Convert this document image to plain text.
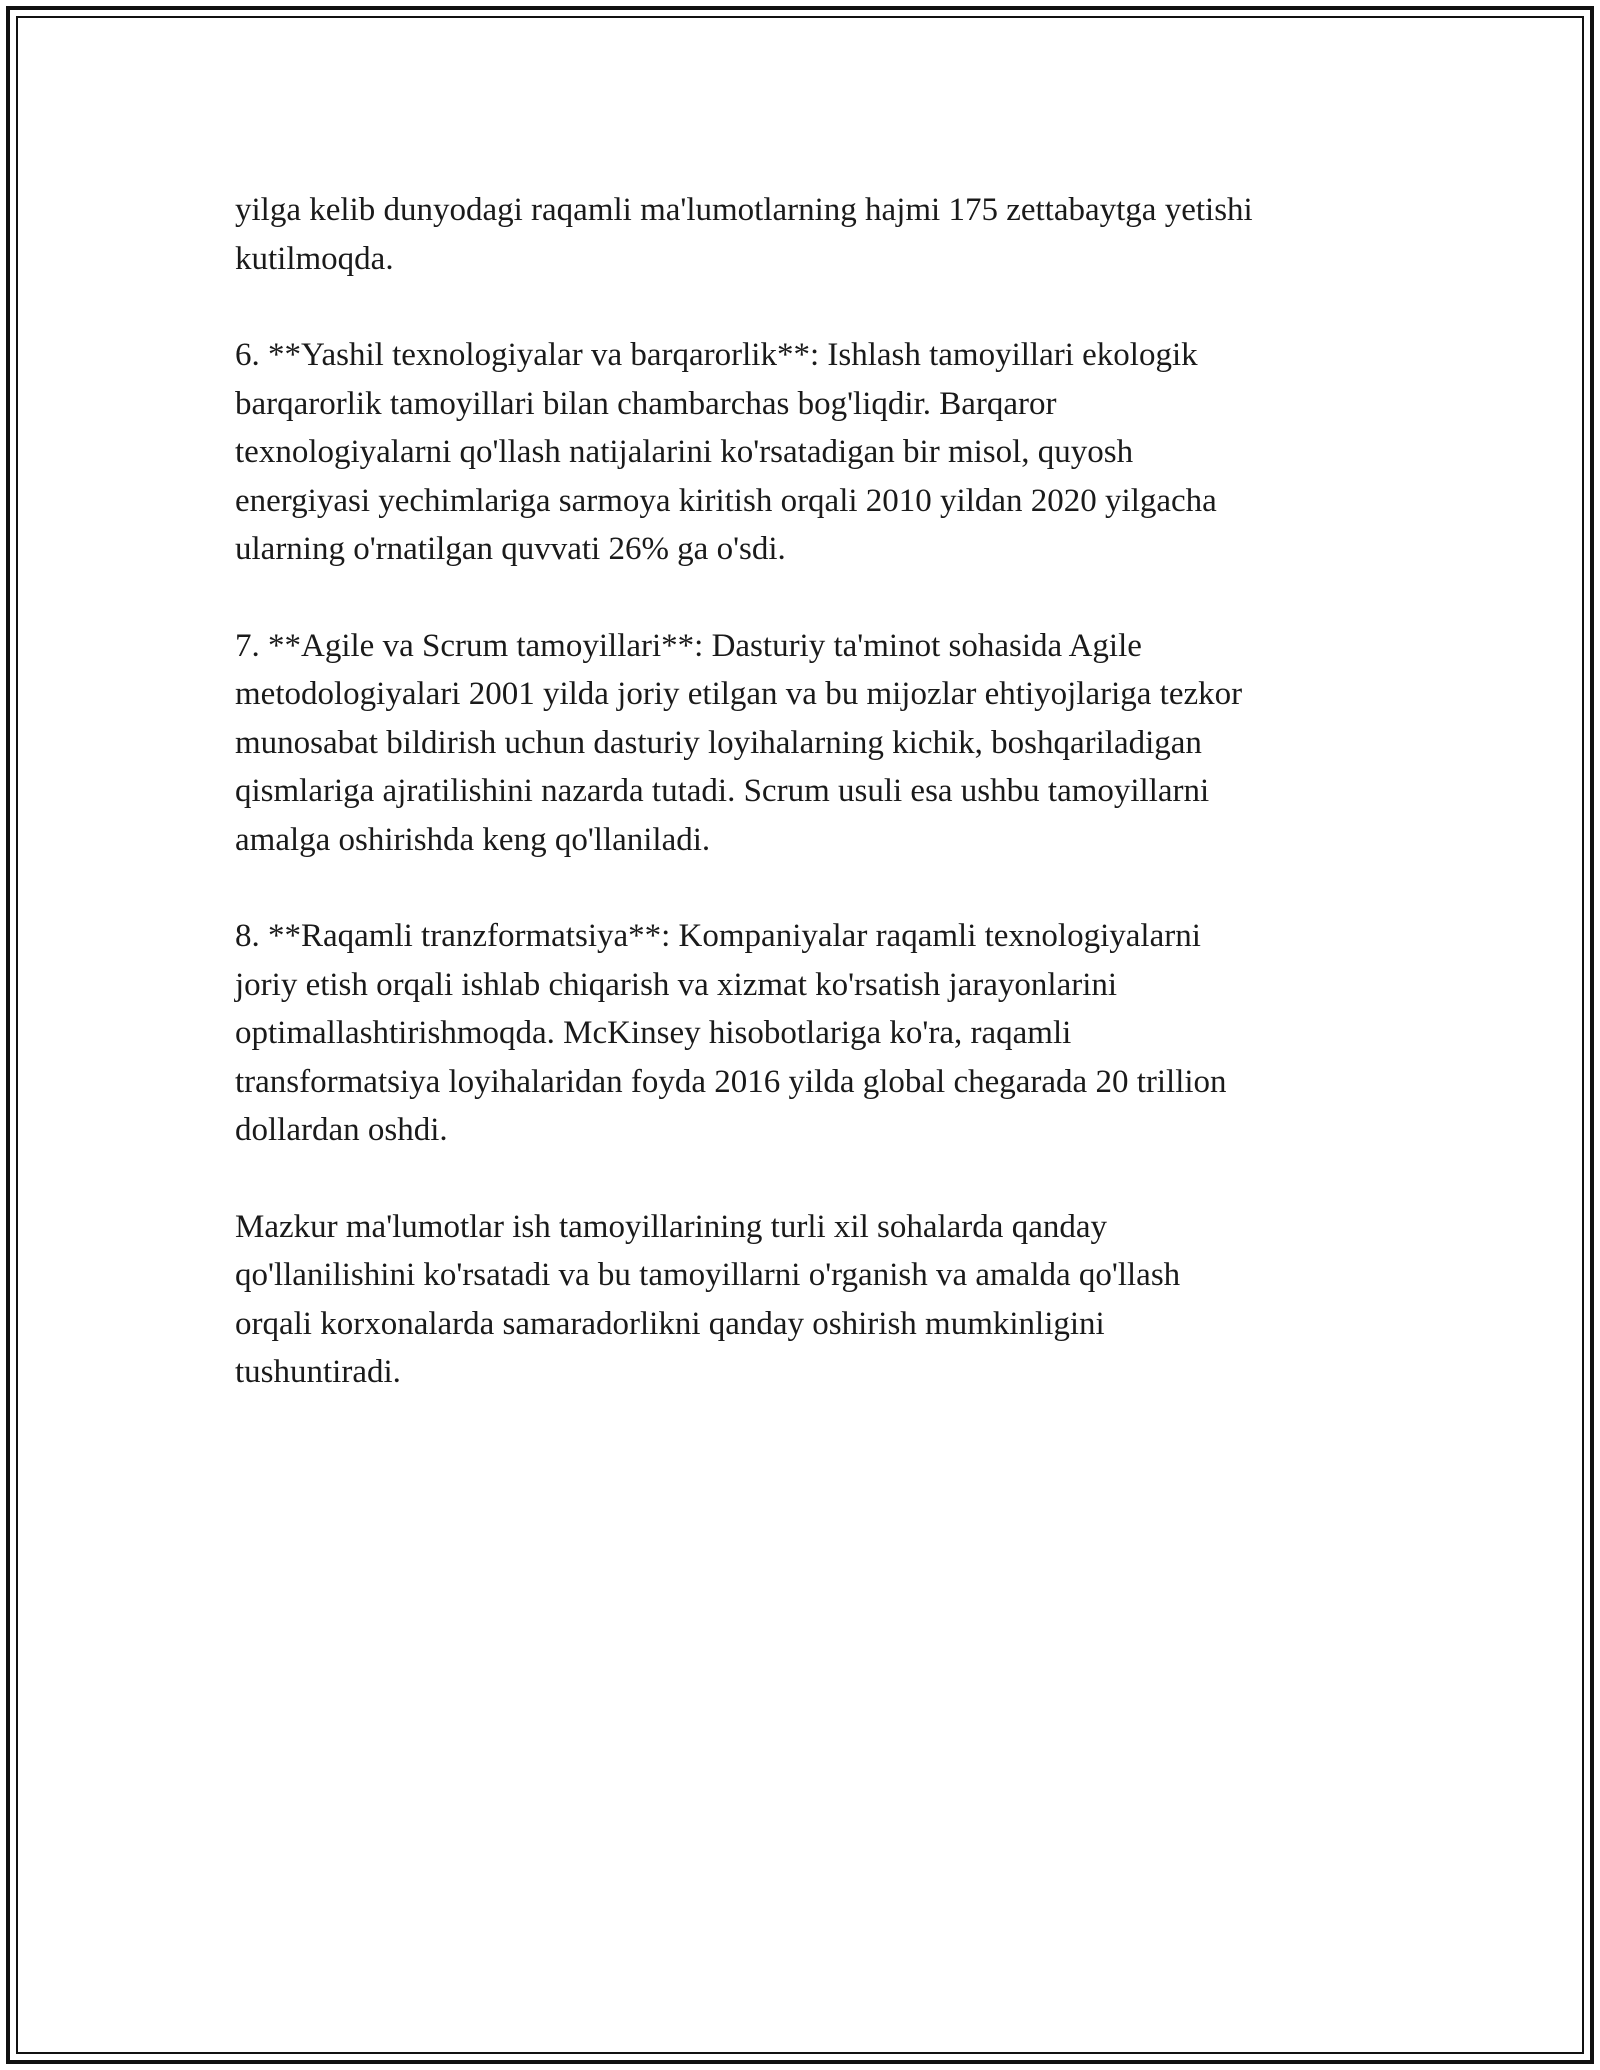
yilga kelib dunyodagi raqamli ma'lumotlarning hajmi 175 zettabaytga yetishi
kutilmoqda.

6. **Yashil texnologiyalar va barqarorlik**: Ishlash tamoyillari ekologik
barqarorlik tamoyillari bilan chambarchas bog'liqdir. Barqaror
texnologiyalarni qo'llash natijalarini ko'rsatadigan bir misol, quyosh
energiyasi yechimlariga sarmoya kiritish orqali 2010 yildan 2020 yilgacha
ularning o'rnatilgan quvvati 26% ga o'sdi.

7. **Agile va Scrum tamoyillari**: Dasturiy ta'minot sohasida Agile
metodologiyalari 2001 yilda joriy etilgan va bu mijozlar ehtiyojlariga tezkor
munosabat bildirish uchun dasturiy loyihalarning kichik, boshqariladigan
qismlariga ajratilishini nazarda tutadi. Scrum usuli esa ushbu tamoyillarni
amalga oshirishda keng qo'llaniladi.

8. **Raqamli tranzformatsiya**: Kompaniyalar raqamli texnologiyalarni
joriy etish orqali ishlab chiqarish va xizmat ko'rsatish jarayonlarini
optimallashtirishmoqda. McKinsey hisobotlariga ko'ra, raqamli
transformatsiya loyihalaridan foyda 2016 yilda global chegarada 20 trillion
dollardan oshdi.

Mazkur ma'lumotlar ish tamoyillarining turli xil sohalarda qanday
qo'llanilishini ko'rsatadi va bu tamoyillarni o'rganish va amalda qo'llash
orqali korxonalarda samaradorlikni qanday oshirish mumkinligini
tushuntiradi.
